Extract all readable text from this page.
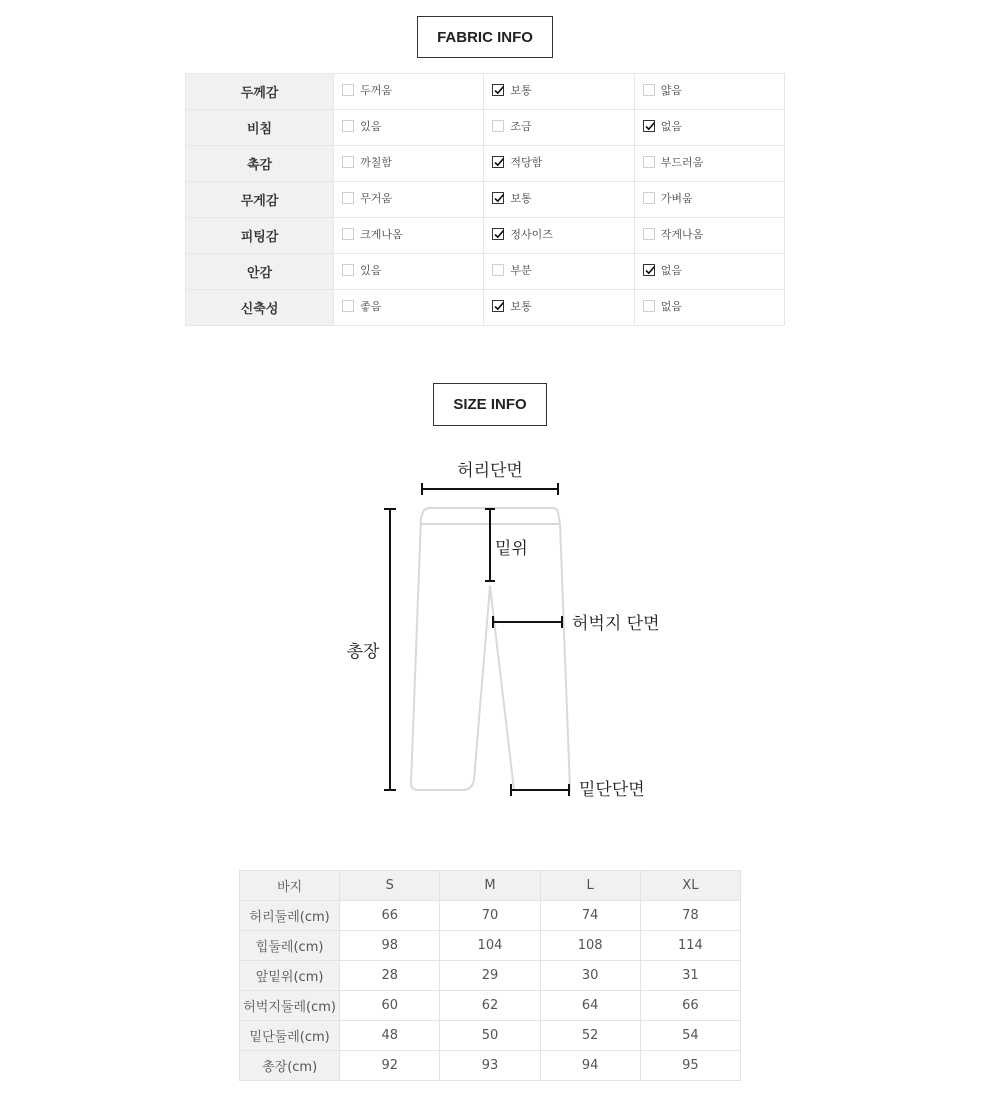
FABRIC INFO
두께감	두꺼움	보통	얇음

비침	있음	조금	없음

촉감	까칠함	적당함	부드러움

무게감	무거움	보통	가벼움

피팅감	크게나옴	정사이즈	작게나옴

안감	있음	부분	없음

신축성	좋음	보통	없음
SIZE INFO
허리단면
밑위
허벅지 단면
밑단단면
총장
바지	S	M	L	XL
허리둘레(cm)	66	70	74	78
힙둘레(cm)	98	104	108	114
앞밑위(cm)	28	29	30	31
허벅지둘레(cm)	60	62	64	66
밑단둘레(cm)	48	50	52	54
총장(cm)	92	93	94	95
